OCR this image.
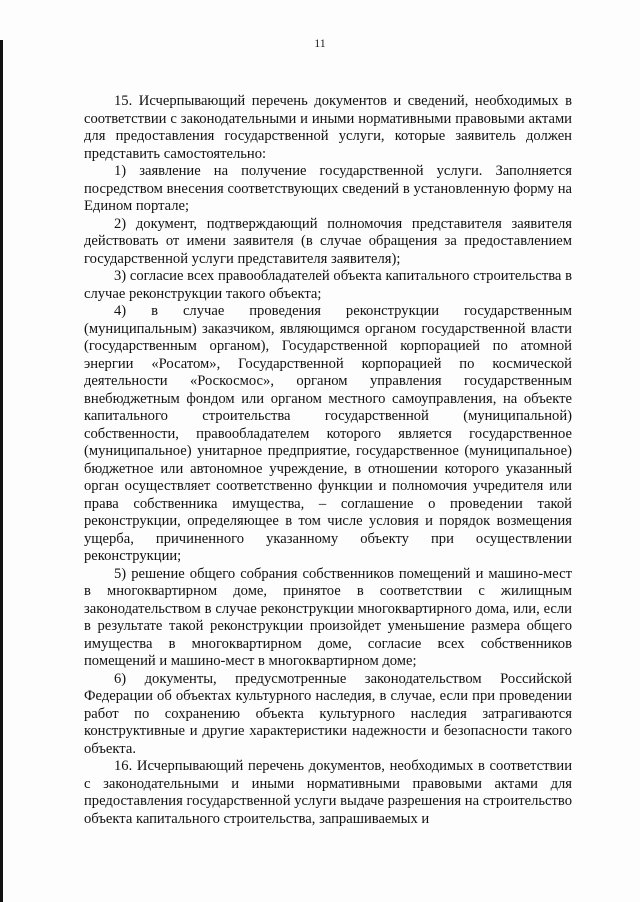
11

15. Исчерпывающий перечень документов и сведений, необходимых в соответствии с законодательными и иными нормативными правовыми актами для предоставления государственной услуги, которые заявитель должен представить самостоятельно:

1) заявление на получение государственной услуги. Заполняется посредством внесения соответствующих сведений в установленную форму на Едином портале;

2) документ, подтверждающий полномочия представителя заявителя действовать от имени заявителя (в случае обращения за предоставлением государственной услуги представителя заявителя);

3) согласие всех правообладателей объекта капитального строительства в случае реконструкции такого объекта;

4) в случае проведения реконструкции государственным (муниципальным) заказчиком, являющимся органом государственной власти (государственным органом), Государственной корпорацией по атомной энергии «Росатом», Государственной корпорацией по космической деятельности «Роскосмос», органом управления государственным внебюджетным фондом или органом местного самоуправления, на объекте капитального строительства государственной (муниципальной) собственности, правообладателем которого является государственное (муниципальное) унитарное предприятие, государственное (муниципальное) бюджетное или автономное учреждение, в отношении которого указанный орган осуществляет соответственно функции и полномочия учредителя или права собственника имущества, – соглашение о проведении такой реконструкции, определяющее в том числе условия и порядок возмещения ущерба, причиненного указанному объекту при осуществлении реконструкции;

5) решение общего собрания собственников помещений и машино-мест в многоквартирном доме, принятое в соответствии с жилищным законодательством в случае реконструкции многоквартирного дома, или, если в результате такой реконструкции произойдет уменьшение размера общего имущества в многоквартирном доме, согласие всех собственников помещений и машино-мест в многоквартирном доме;

6) документы, предусмотренные законодательством Российской Федерации об объектах культурного наследия, в случае, если при проведении работ по сохранению объекта культурного наследия затрагиваются конструктивные и другие характеристики надежности и безопасности такого объекта.

16. Исчерпывающий перечень документов, необходимых в соответствии с законодательными и иными нормативными правовыми актами для предоставления государственной услуги выдаче разрешения на строительство объекта капитального строительства, запрашиваемых и
